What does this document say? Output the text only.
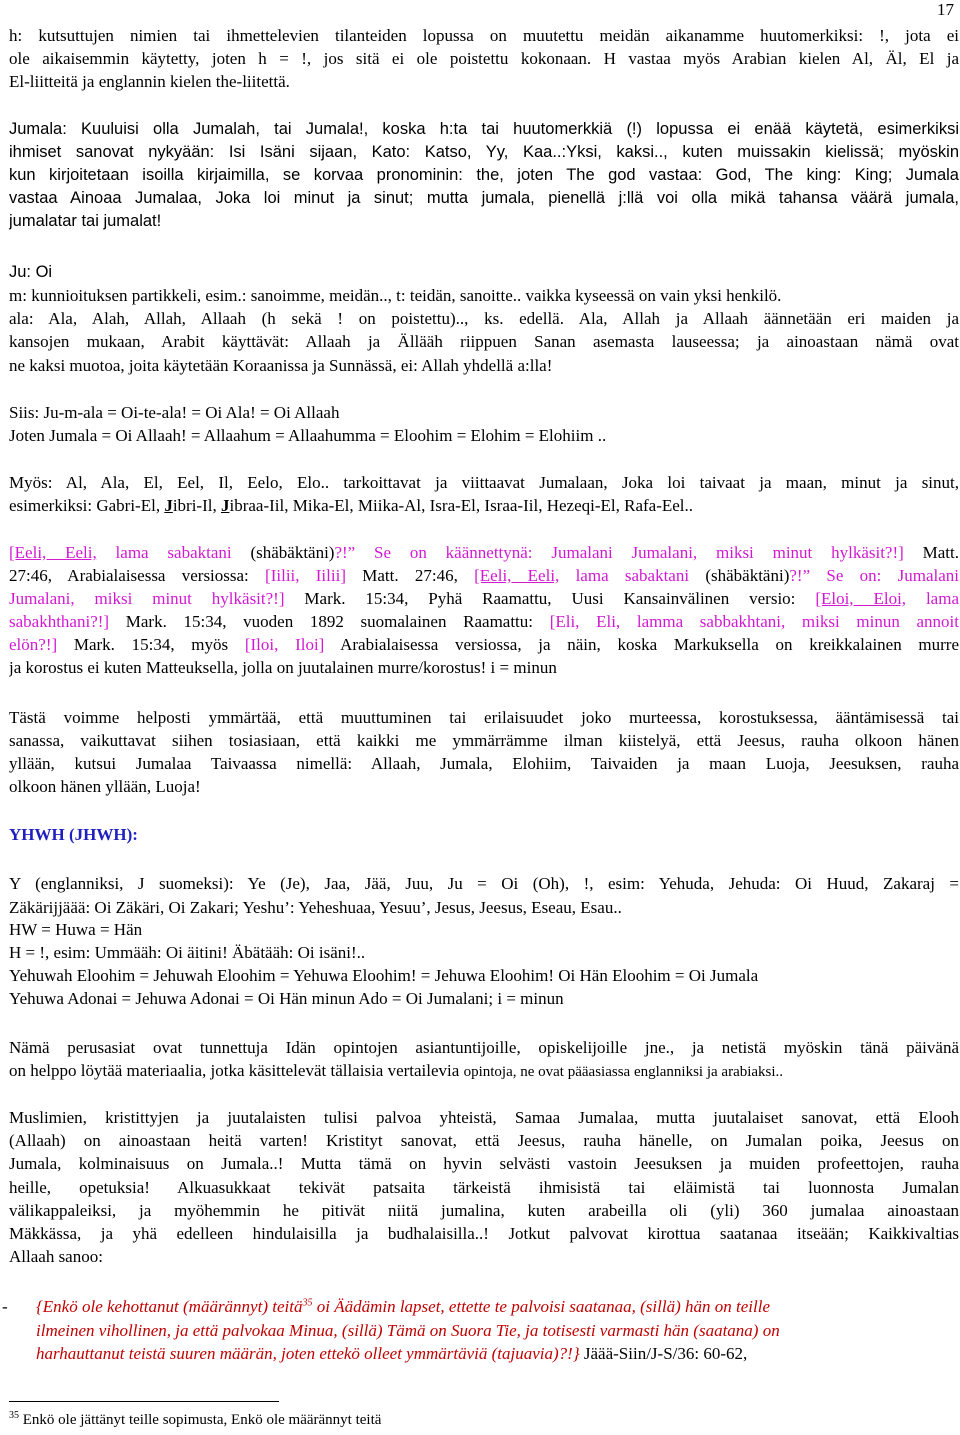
17
h: kutsuttujen nimien tai ihmettelevien tilanteiden lopussa on muutettu meidän aikanamme huutomerkiksi: !, jota ei
ole aikaisemmin käytetty, joten h = !, jos sitä ei ole poistettu kokonaan. H vastaa myös Arabian kielen Al, Äl, El ja
El-liitteitä ja englannin kielen the-liitettä.
Jumala: Kuuluisi olla Jumalah, tai Jumala!, koska h:ta tai huutomerkkiä (!) lopussa ei enää käytetä, esimerkiksi
ihmiset sanovat nykyään: Isi Isäni sijaan, Kato: Katso, Yy, Kaa..:Yksi, kaksi.., kuten muissakin kielissä; myöskin
kun kirjoitetaan isoilla kirjaimilla, se korvaa pronominin: the, joten The god vastaa: God, The king: King; Jumala
vastaa Ainoaa Jumalaa, Joka loi minut ja sinut; mutta jumala, pienellä j:llä voi olla mikä tahansa väärä jumala,
jumalatar tai jumalat!
Ju: Oi
m: kunnioituksen partikkeli, esim.: sanoimme, meidän.., t: teidän, sanoitte.. vaikka kyseessä on vain yksi henkilö.
ala: Ala, Alah, Allah, Allaah (h sekä ! on poistettu).., ks. edellä. Ala, Allah ja Allaah äännetään eri maiden ja
kansojen mukaan, Arabit käyttävät: Allaah ja Ällääh riippuen Sanan asemasta lauseessa; ja ainoastaan nämä ovat
ne kaksi muotoa, joita käytetään Koraanissa ja Sunnässä, ei: Allah yhdellä a:lla!
Siis: Ju-m-ala = Oi-te-ala! = Oi Ala! = Oi Allaah
Joten Jumala = Oi Allaah! = Allaahum = Allaahumma = Eloohim = Elohim = Elohiim ..
Myös: Al, Ala, El, Eel, Il, Eelo, Elo.. tarkoittavat ja viittaavat Jumalaan, Joka loi taivaat ja maan, minut ja sinut,
esimerkiksi: Gabri-El, Jibri-Il, Jibraa-Iil, Mika-El, Miika-Al, Isra-El, Israa-Iil, Hezeqi-El, Rafa-Eel..
[Eeli, Eeli, lama sabaktani (shäbäktäni)?!” Se on käännettynä: Jumalani Jumalani, miksi minut hylkäsit?!] Matt.
27:46, Arabialaisessa versiossa: [Iilii, Iilii] Matt. 27:46, [Eeli, Eeli, lama sabaktani (shäbäktäni)?!” Se on: Jumalani
Jumalani, miksi minut hylkäsit?!] Mark. 15:34, Pyhä Raamattu, Uusi Kansainvälinen versio: [Eloi, Eloi, lama
sabakhthani?!] Mark. 15:34, vuoden 1892 suomalainen Raamattu: [Eli, Eli, lamma sabbakhtani, miksi minun annoit
elön?!] Mark. 15:34, myös [Iloi, Iloi] Arabialaisessa versiossa, ja näin, koska Markuksella on kreikkalainen murre
ja korostus ei kuten Matteuksella, jolla on juutalainen murre/korostus! i = minun
Tästä voimme helposti ymmärtää, että muuttuminen tai erilaisuudet joko murteessa, korostuksessa, ääntämisessä tai
sanassa, vaikuttavat siihen tosiasiaan, että kaikki me ymmärrämme ilman kiistelyä, että Jeesus, rauha olkoon hänen
yllään, kutsui Jumalaa Taivaassa nimellä: Allaah, Jumala, Elohiim, Taivaiden ja maan Luoja, Jeesuksen, rauha
olkoon hänen yllään, Luoja!
YHWH (JHWH):
Y (englanniksi, J suomeksi): Ye (Je), Jaa, Jää, Juu, Ju = Oi (Oh), !, esim: Yehuda, Jehuda: Oi Huud, Zakaraj =
Zäkärijjäää: Oi Zäkäri, Oi Zakari; Yeshu’: Yeheshuaa, Yesuu’, Jesus, Jeesus, Eseau, Esau..
HW = Huwa = Hän
H = !, esim: Ummääh: Oi äitini! Äbätääh: Oi isäni!..
Yehuwah Eloohim = Jehuwah Eloohim = Yehuwa Eloohim! = Jehuwa Eloohim! Oi Hän Eloohim = Oi Jumala
Yehuwa Adonai = Jehuwa Adonai = Oi Hän minun Ado = Oi Jumalani; i = minun
Nämä perusasiat ovat tunnettuja Idän opintojen asiantuntijoille, opiskelijoille jne., ja netistä myöskin tänä päivänä
on helppo löytää materiaalia, jotka käsittelevät tällaisia vertailevia opintoja, ne ovat pääasiassa englanniksi ja arabiaksi..
Muslimien, kristittyjen ja juutalaisten tulisi palvoa yhteistä, Samaa Jumalaa, mutta juutalaiset sanovat, että Elooh
(Allaah) on ainoastaan heitä varten! Kristityt sanovat, että Jeesus, rauha hänelle, on Jumalan poika, Jeesus on
Jumala, kolminaisuus on Jumala..! Mutta tämä on hyvin selvästi vastoin Jeesuksen ja muiden profeettojen, rauha
heille, opetuksia! Alkuasukkaat tekivät patsaita tärkeistä ihmisistä tai eläimistä tai luonnosta Jumalan
välikappaleiksi, ja myöhemmin he pitivät niitä jumalina, kuten arabeilla oli (yli) 360 jumalaa ainoastaan
Mäkkässa, ja yhä edelleen hindulaisilla ja budhalaisilla..! Jotkut palvovat kirottua saatanaa itseään; Kaikkivaltias
Allaah sanoo:
- {Enkö ole kehottanut (määrännyt) teitä$^{35}$ oi Äädämin lapset, ettette te palvoisi saatanaa, (sillä) hän on teille
ilmeinen vihollinen, ja että palvokaa Minua, (sillä) Tämä on Suora Tie, ja totisesti varmasti hän (saatana) on
harhauttanut teistä suuren määrän, joten ettekö olleet ymmärtäviä (tajuavia)?!} Jäää-Siin/J-S/36: 60-62,
$^{35}$ Enkö ole jättänyt teille sopimusta, Enkö ole määrännyt teitä
